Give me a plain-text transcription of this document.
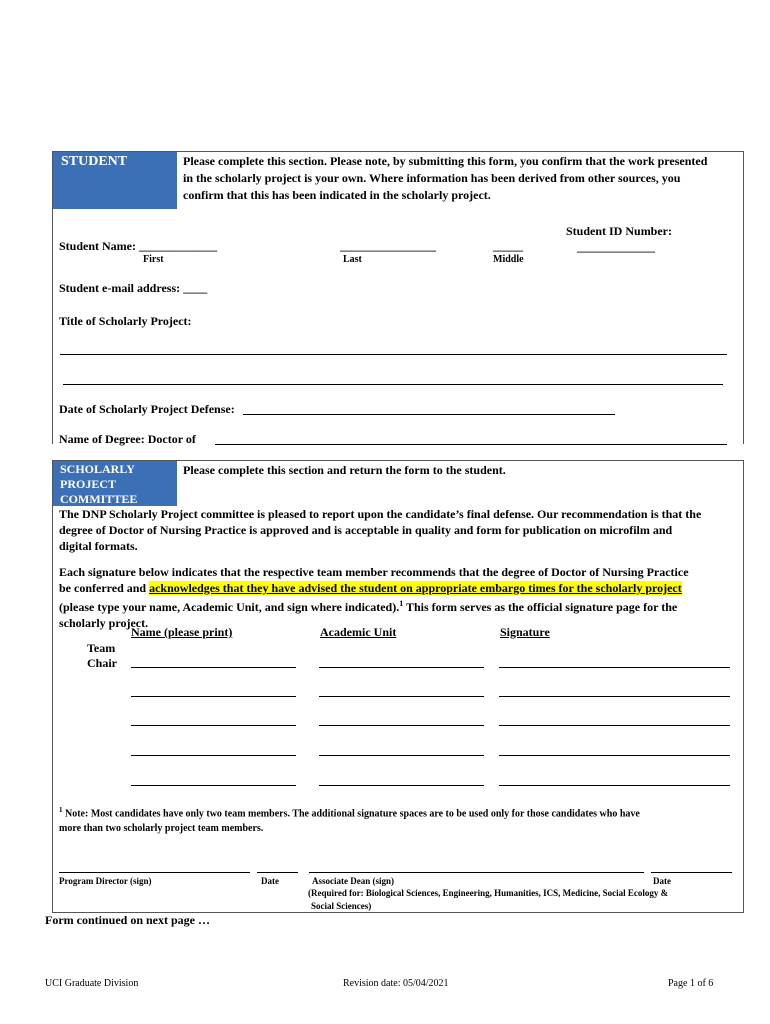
STUDENT	Please complete this section. Please note, by submitting this form, you confirm that the work presented
in the scholarly project is your own. Where information has been derived from other sources, you
confirm that this has been indicated in the scholarly project.
Student ID Number:
_____________
Student Name: _____________	________________	_____
First	Last	Middle
Student e-mail address: ____
Title of Scholarly Project:
Date of Scholarly Project Defense:
Name of Degree: Doctor of
SCHOLARLY
PROJECT
COMMITTEE
Please complete this section and return the form to the student.
The DNP Scholarly Project committee is pleased to report upon the candidate’s final defense. Our recommendation is that the
degree of Doctor of Nursing Practice is approved and is acceptable in quality and form for publication on microfilm and
digital formats.
Each signature below indicates that the respective team member recommends that the degree of Doctor of Nursing Practice
be conferred and acknowledges that they have advised the student on appropriate embargo times for the scholarly project
(please type your name, Academic Unit, and sign where indicated).$^1$ This form serves as the official signature page for the
scholarly project.
Name (please print)	Academic Unit	Signature
Team
Chair
$^1$ Note: Most candidates have only two team members. The additional signature spaces are to be used only for those candidates who have
more than two scholarly project team members.
Program Director (sign)	Date	Associate Dean (sign)	Date
(Required for: Biological Sciences, Engineering, Humanities, ICS, Medicine, Social Ecology &
Social Sciences)
Form continued on next page …
UCI Graduate Division	Revision date: 05/04/2021	Page 1 of 6
